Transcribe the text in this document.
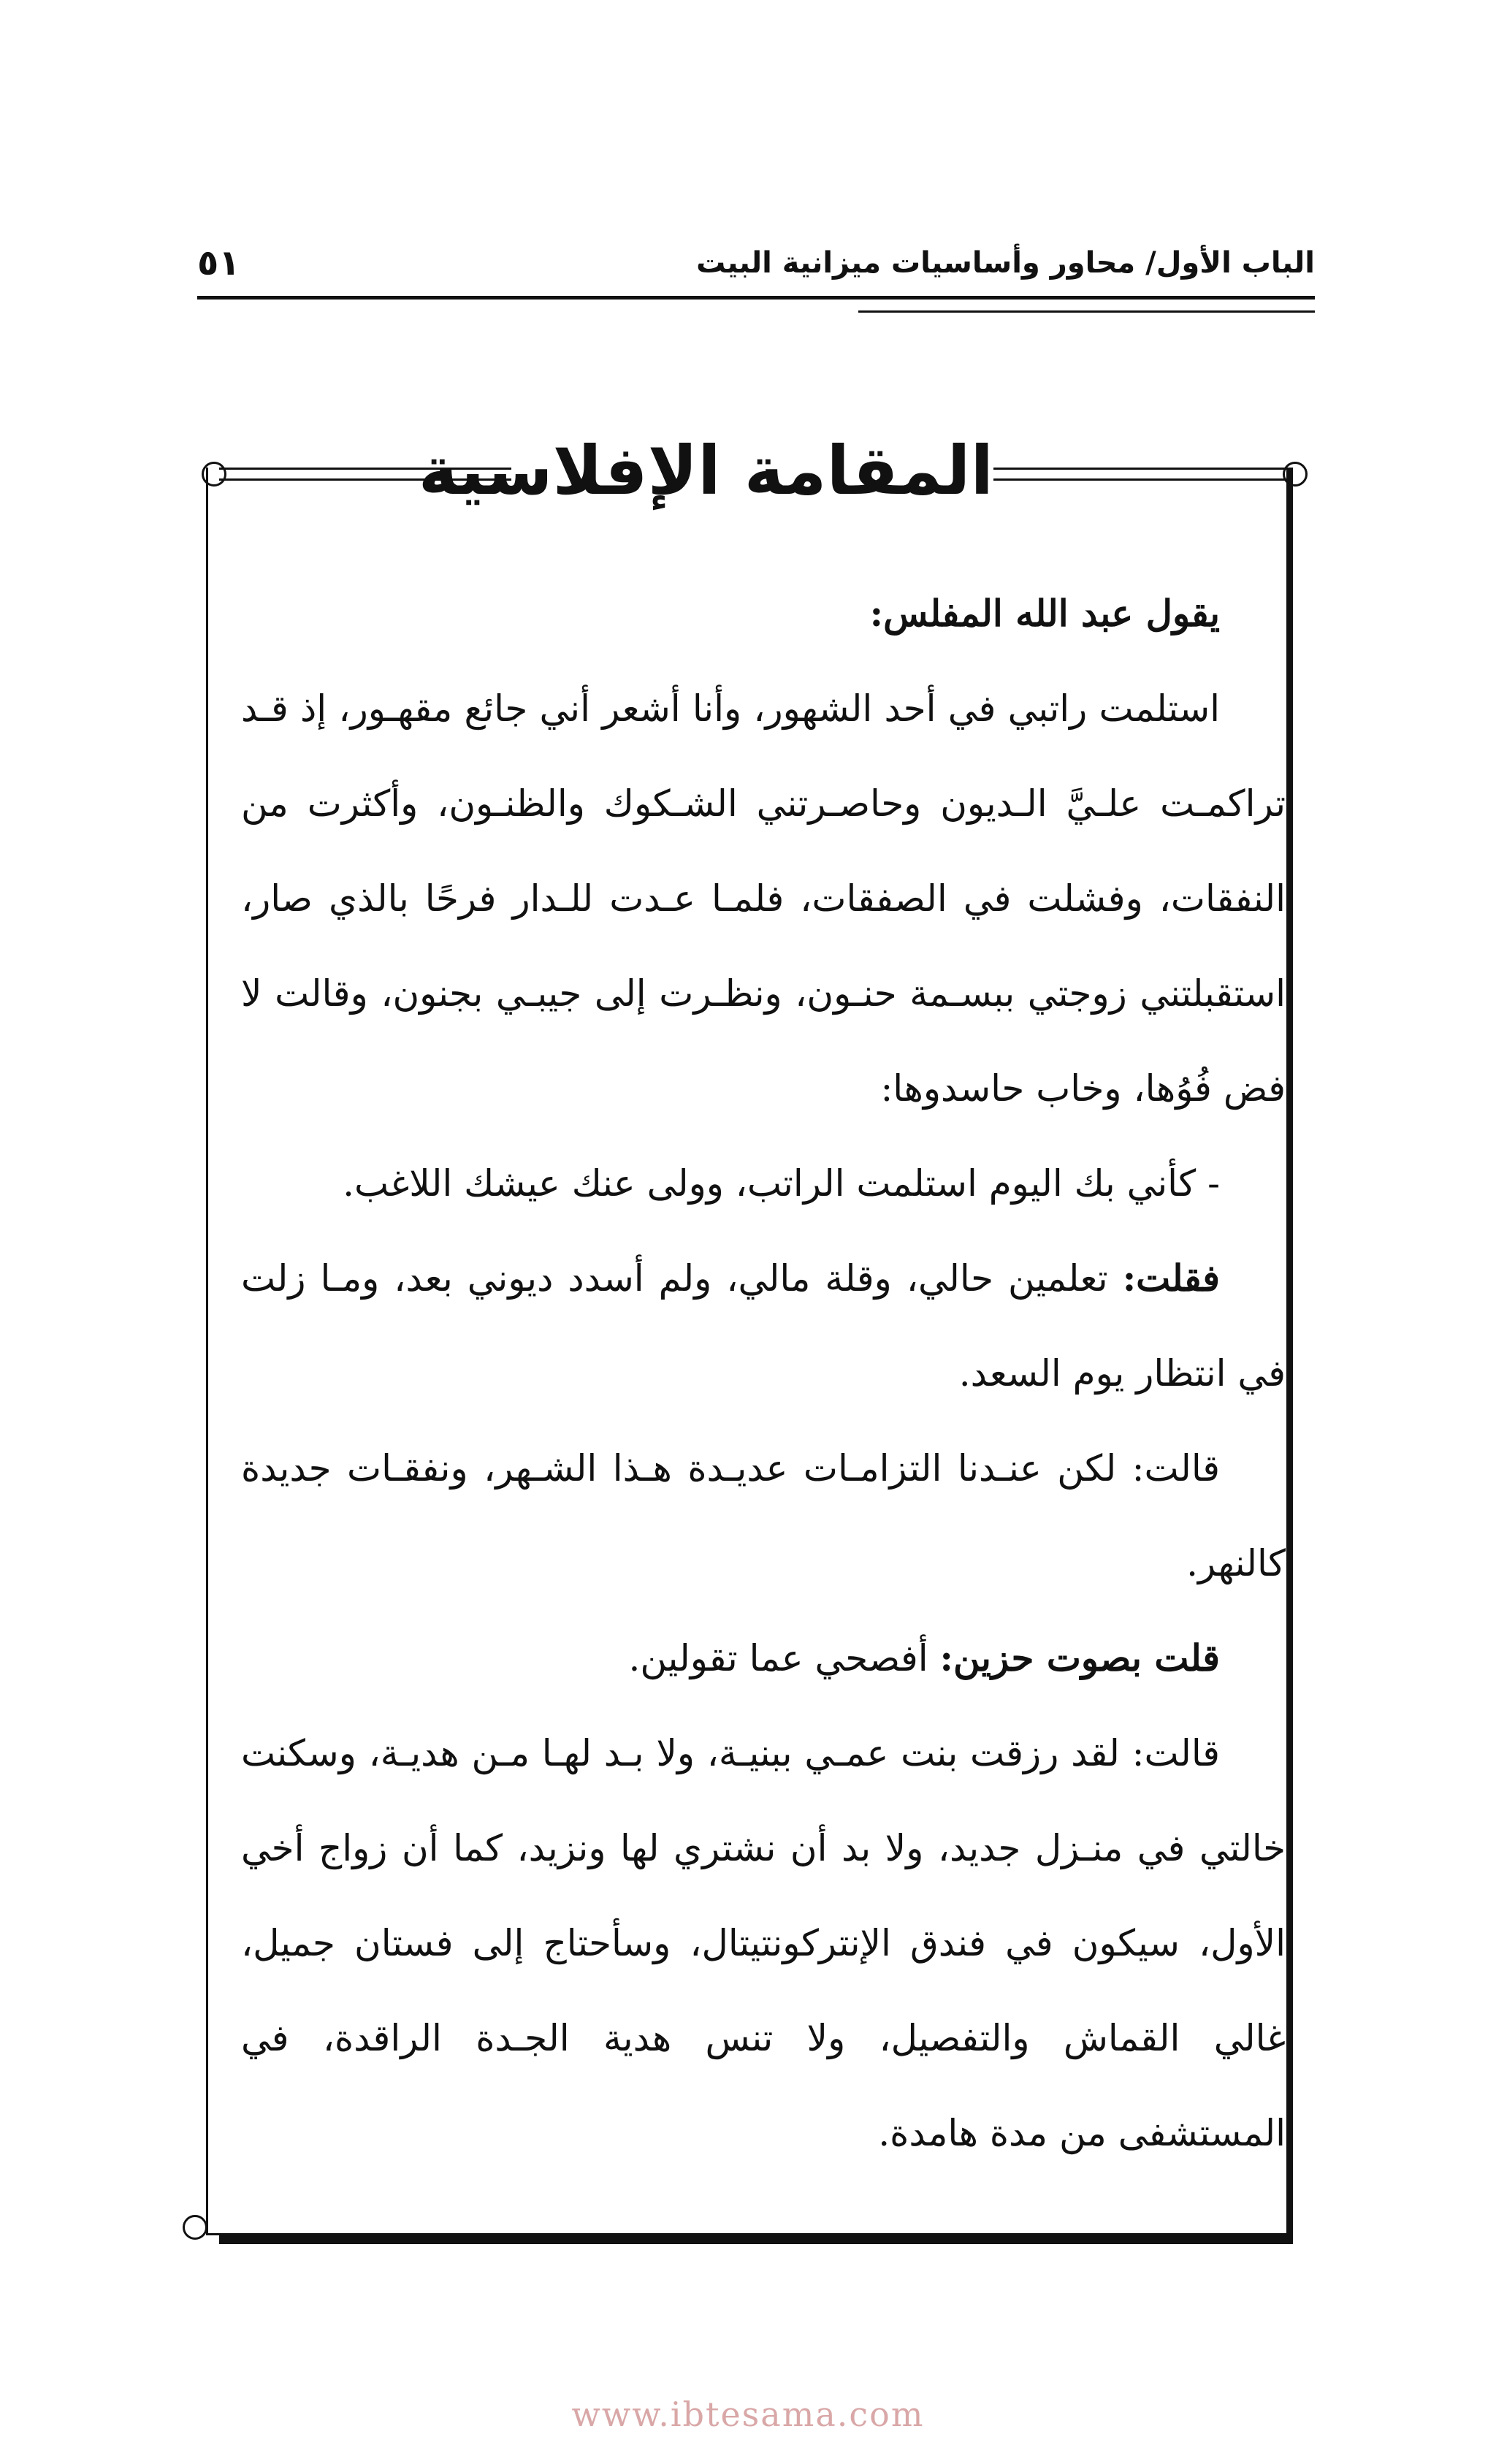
الباب الأول/ محاور وأساسيات ميزانية البيت
٥١
المقامة الإفلاسية

يقول عبد الله المفلس:

استلمت راتبي في أحد الشهور، وأنا أشعر أني جائع مقهـور، إذ قـد تراكمـت علـيَّ الـديون وحاصـرتني الشـكوك والظنـون، وأكثرت من النفقات، وفشلت في الصفقات، فلمـا عـدت للـدار فرحًا بالذي صار، استقبلتني زوجتي ببسـمة حنـون، ونظـرت إلى جيبـي بجنون، وقالت لا فض فُوُها، وخاب حاسدوها:

- كأني بك اليوم استلمت الراتب، وولى عنك عيشك اللاغب.

فقلت: تعلمين حالي، وقلة مالي، ولم أسدد ديوني بعد، ومـا زلت في انتظار يوم السعد.

قالت: لكن عنـدنا التزامـات عديـدة هـذا الشـهر، ونفقـات جديدة كالنهر.

قلت بصوت حزين: أفصحي عما تقولين.

قالت: لقد رزقت بنت عمـي ببنيـة، ولا بـد لهـا مـن هديـة، وسكنت خالتي في منـزل جديد، ولا بد أن نشتري لها ونزيد، كما أن زواج أخي الأول، سيكون في فندق الإنتركونتيتال، وسأحتاج إلى فستان جميل، غالي القماش والتفصيل، ولا تنس هدية الجـدة الراقدة، في المستشفى من مدة هامدة.

www.ibtesama.com
